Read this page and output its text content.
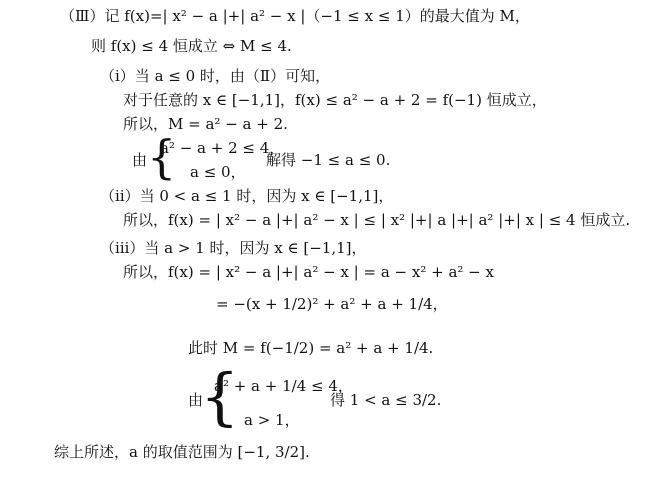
（Ⅲ）记 f(x)=| x² − a |+| a² − x |（−1 ≤ x ≤ 1）的最大值为 M，
则 f(x) ≤ 4 恒成立 ⇔ M ≤ 4.
（ⅰ）当 a ≤ 0 时，由（Ⅱ）可知，
对于任意的 x ∈ [−1,1]，f(x) ≤ a² − a + 2 = f(−1) 恒成立，
所以，M = a² − a + 2.
由 {
a² − a + 2 ≤ 4，
a ≤ 0，
解得 −1 ≤ a ≤ 0.
（ⅱ）当 0 < a ≤ 1 时，因为 x ∈ [−1,1]，
所以，f(x) = | x² − a |+| a² − x | ≤ | x² |+| a |+| a² |+| x | ≤ 4 恒成立.
（ⅲ）当 a > 1 时，因为 x ∈ [−1,1]，
所以，f(x) = | x² − a |+| a² − x | = a − x² + a² − x
= −(x + 1/2)² + a² + a + 1/4，
此时 M = f(−1/2) = a² + a + 1/4.
由
{
a² + a + 1/4 ≤ 4，
a > 1，
得 1 < a ≤ 3/2.
综上所述，a 的取值范围为 [−1, 3/2].
